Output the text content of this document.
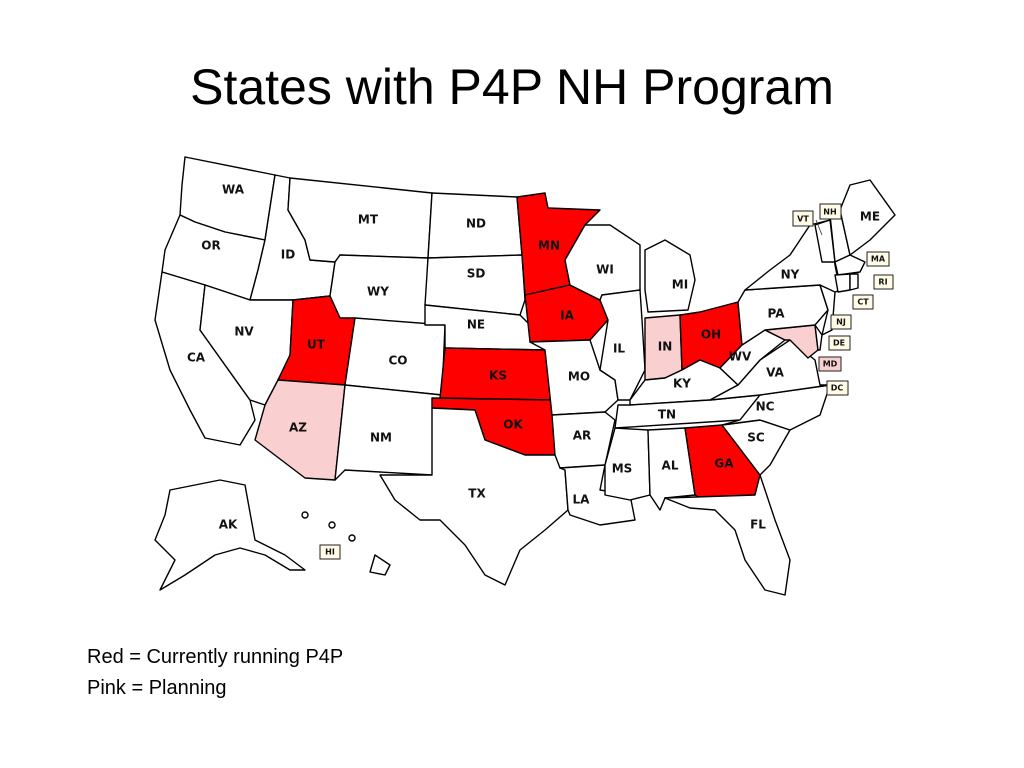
States with P4P NH Program
WA
OR
CA
ID
NV
MT
WY
UT
AZ
CO
NM
ND
SD
NE
KS
OK
TX
MN
IA
MO
AR
LA
WI
IL
MI
IN
OH
KY
TN
MS AL	GA
FL
SC
NC
VA
WV
PA
NY
ME
AK
VT
NH
MA
RI
CT
NJ
DE
MD
DC
HI
Red = Currently running P4P
Pink = Planning
